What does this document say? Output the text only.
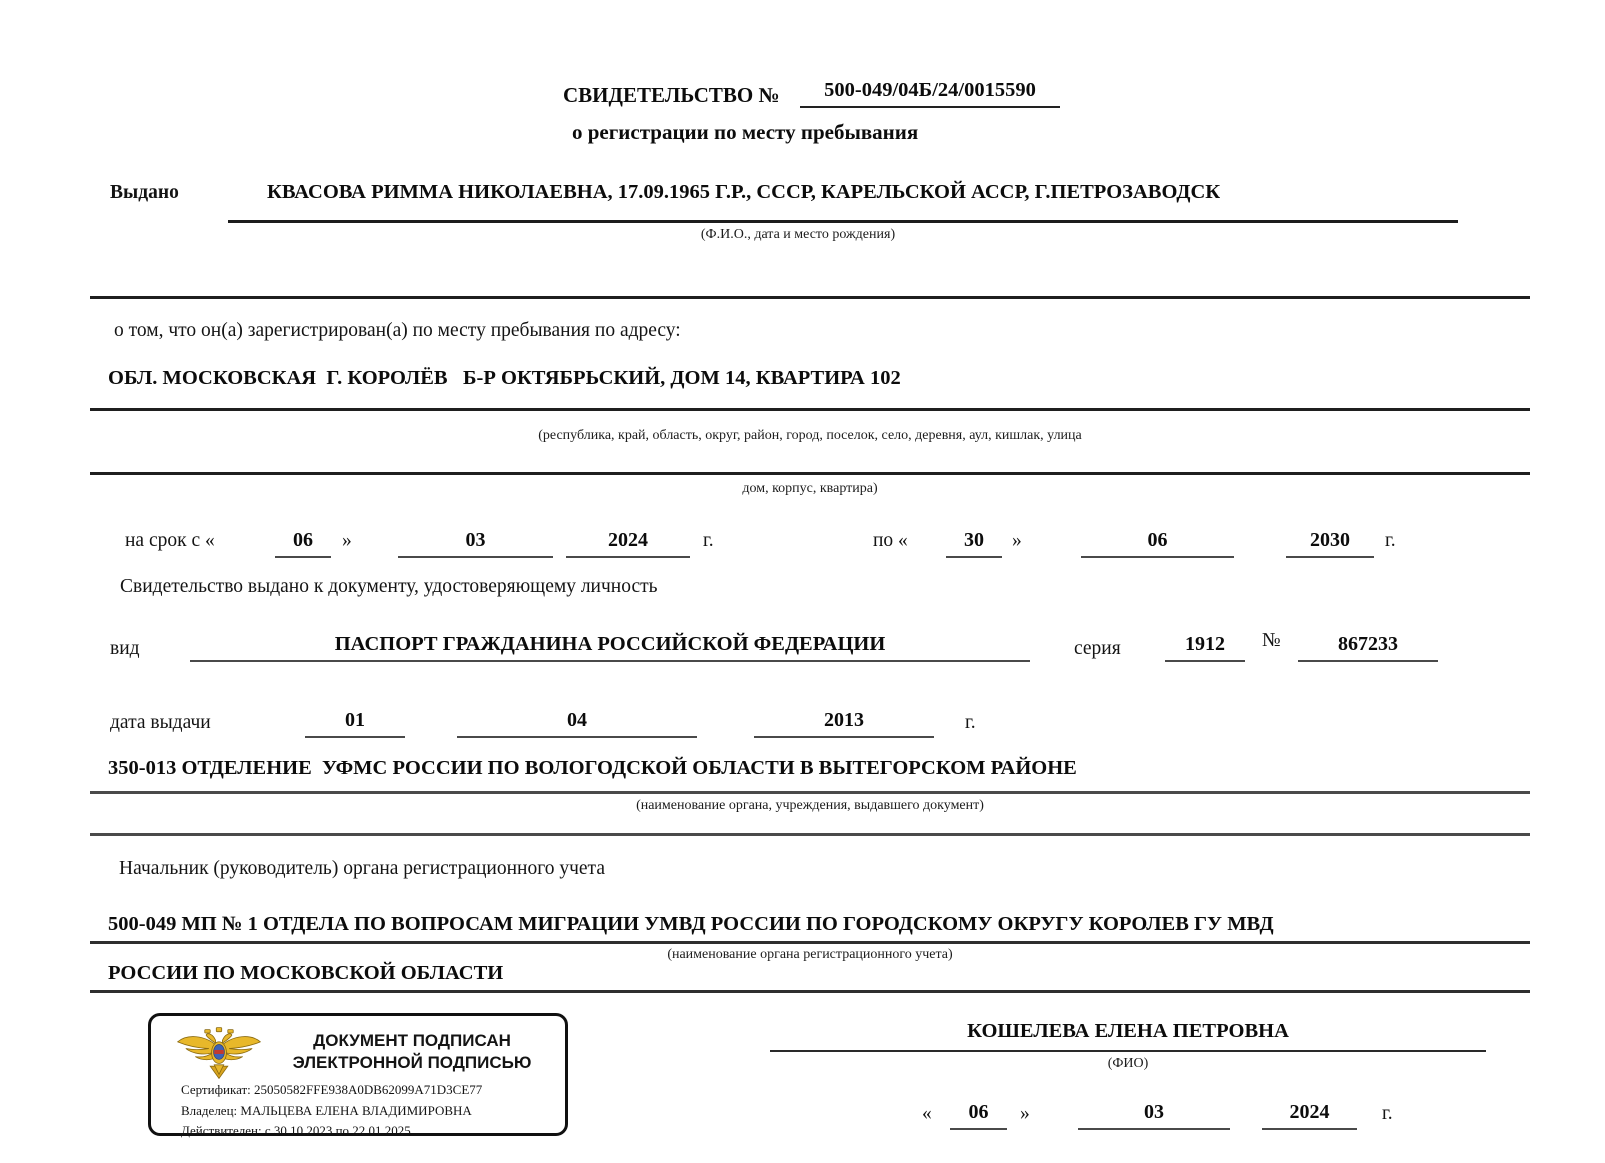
СВИДЕТЕЛЬСТВО №	500-049/04Б/24/0015590
о регистрации по месту пребывания
Выдано	КВАСОВА РИММА НИКОЛАЕВНА, 17.09.1965 Г.Р., СССР, КАРЕЛЬСКОЙ АССР, Г.ПЕТРОЗАВОДСК
(Ф.И.О., дата и место рождения)
о том, что он(а) зарегистрирован(а) по месту пребывания по адресу:
ОБЛ. МОСКОВСКАЯ  Г. КОРОЛЁВ   Б-Р ОКТЯБРЬСКИЙ, ДОМ 14, КВАРТИРА 102
(республика, край, область, округ, район, город, поселок, село, деревня, аул, кишлак, улица
дом, корпус, квартира)
на срок с «	06	»	03	2024	г.	по «	30	»	06	2030	г.
Свидетельство выдано к документу, удостоверяющему личность
вид	ПАСПОРТ ГРАЖДАНИНА РОССИЙСКОЙ ФЕДЕРАЦИИ	серия	1912	№	867233
дата выдачи	01	04	2013	г.
350-013 ОТДЕЛЕНИЕ  УФМС РОССИИ ПО ВОЛОГОДСКОЙ ОБЛАСТИ В ВЫТЕГОРСКОМ РАЙОНЕ
(наименование органа, учреждения, выдавшего документ)
Начальник (руководитель) органа регистрационного учета
500-049 МП № 1 ОТДЕЛА ПО ВОПРОСАМ МИГРАЦИИ УМВД РОССИИ ПО ГОРОДСКОМУ ОКРУГУ КОРОЛЕВ ГУ МВД
(наименование органа регистрационного учета)
РОССИИ ПО МОСКОВСКОЙ ОБЛАСТИ
ДОКУМЕНТ ПОДПИСАН
ЭЛЕКТРОННОЙ ПОДПИСЬЮ
Сертификат: 25050582FFE938A0DB62099A71D3CE77
Владелец: МАЛЬЦЕВА ЕЛЕНА ВЛАДИМИРОВНА
Действителен: с 30.10.2023 по 22.01.2025
КОШЕЛЕВА ЕЛЕНА ПЕТРОВНА
(ФИО)
«	06	»	03	2024	г.
